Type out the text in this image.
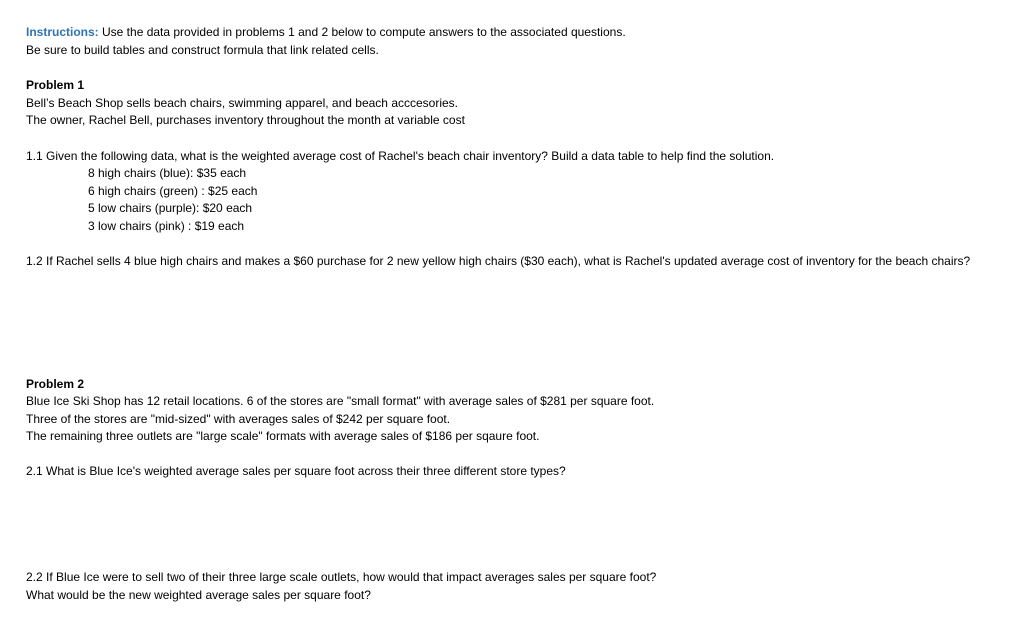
Instructions: Use the data provided in problems 1 and 2 below to compute answers to the associated questions.
Be sure to build tables and construct formula that link related cells.
Problem 1
Bell’s Beach Shop sells beach chairs, swimming apparel, and beach acccesories.
The owner, Rachel Bell, purchases inventory throughout the month at variable cost
1.1 Given the following data, what is the weighted average cost of Rachel's beach chair inventory? Build a data table to help find the solution.
8 high chairs (blue): $35 each
6 high chairs (green) : $25 each
5 low chairs (purple): $20 each
3 low chairs (pink) : $19 each
1.2 If Rachel sells 4 blue high chairs and makes a $60 purchase for 2 new yellow high chairs ($30 each), what is Rachel's updated average cost of inventory for the beach chairs?
Problem 2
Blue Ice Ski Shop has 12 retail locations. 6 of the stores are "small format" with average sales of $281 per square foot.
Three of the stores are "mid-sized" with averages sales of $242 per square foot.
The remaining three outlets are "large scale" formats with average sales of $186 per sqaure foot.
2.1 What is Blue Ice's weighted average sales per square foot across their three different store types?
2.2 If Blue Ice were to sell two of their three large scale outlets, how would that impact averages sales per square foot?
What would be the new weighted average sales per square foot?
